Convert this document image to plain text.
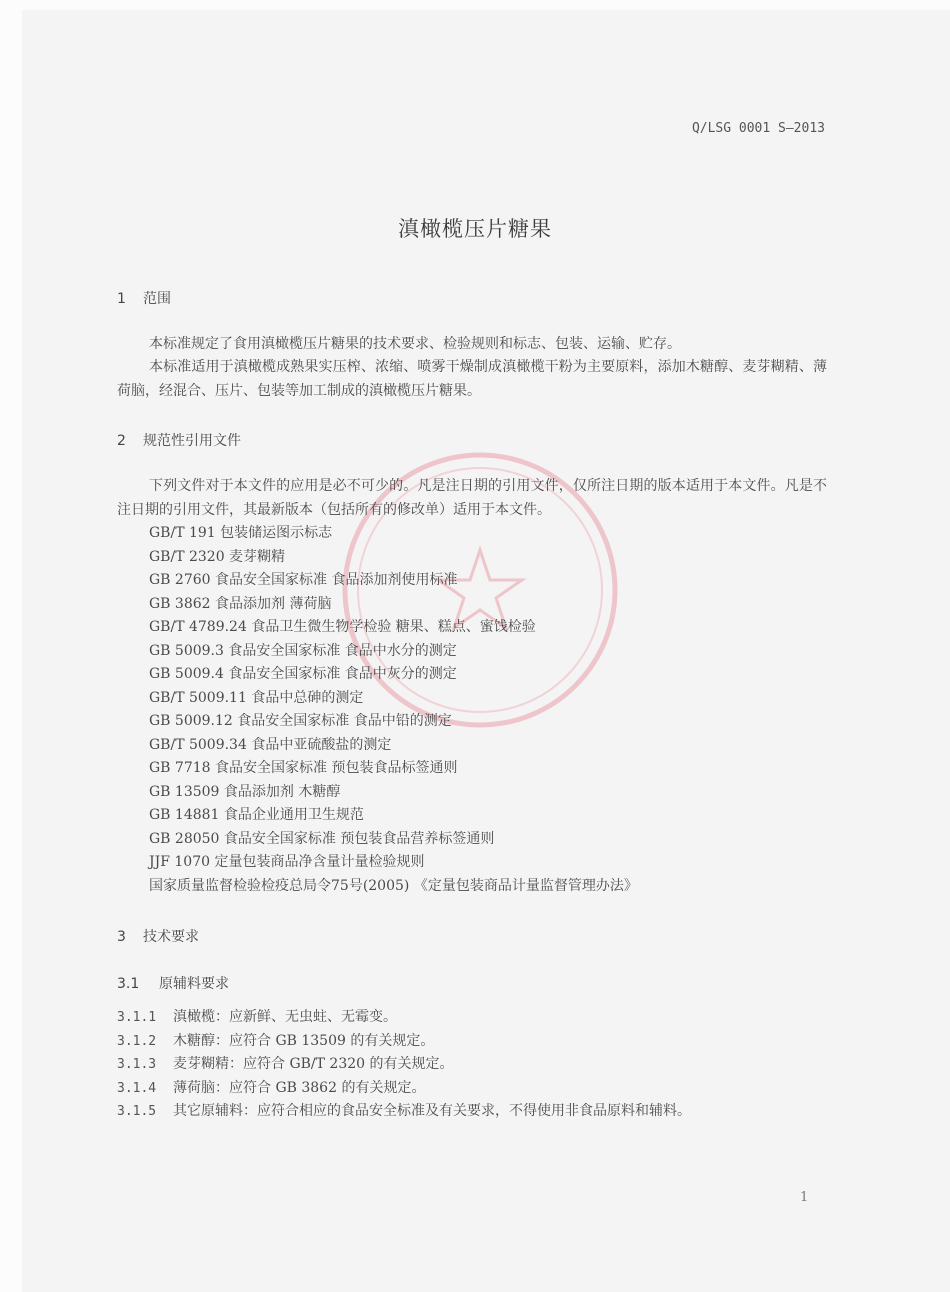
Q/LSG 0001 S—2013
滇橄榄压片糖果
1 范围
本标准规定了食用滇橄榄压片糖果的技术要求、检验规则和标志、包装、运输、贮存。
本标准适用于滇橄榄成熟果实压榨、浓缩、喷雾干燥制成滇橄榄干粉为主要原料，添加木糖醇、麦芽糊精、薄荷脑，经混合、压片、包装等加工制成的滇橄榄压片糖果。
2 规范性引用文件
下列文件对于本文件的应用是必不可少的。凡是注日期的引用文件，仅所注日期的版本适用于本文件。凡是不注日期的引用文件，其最新版本（包括所有的修改单）适用于本文件。
GB/T 191 包装储运图示标志
GB/T 2320 麦芽糊精
GB 2760 食品安全国家标准 食品添加剂使用标准
GB 3862 食品添加剂 薄荷脑
GB/T 4789.24 食品卫生微生物学检验 糖果、糕点、蜜饯检验
GB 5009.3 食品安全国家标准 食品中水分的测定
GB 5009.4 食品安全国家标准 食品中灰分的测定
GB/T 5009.11 食品中总砷的测定
GB 5009.12 食品安全国家标准 食品中铅的测定
GB/T 5009.34 食品中亚硫酸盐的测定
GB 7718 食品安全国家标准 预包装食品标签通则
GB 13509 食品添加剂 木糖醇
GB 14881 食品企业通用卫生规范
GB 28050 食品安全国家标准 预包装食品营养标签通则
JJF 1070 定量包装商品净含量计量检验规则
国家质量监督检验检疫总局令75号(2005) 《定量包装商品计量监督管理办法》
3 技术要求
3.1 原辅料要求
3.1.1 滇橄榄：应新鲜、无虫蛀、无霉变。
3.1.2 木糖醇：应符合 GB 13509 的有关规定。
3.1.3 麦芽糊精：应符合 GB/T 2320 的有关规定。
3.1.4 薄荷脑：应符合 GB 3862 的有关规定。
3.1.5 其它原辅料：应符合相应的食品安全标准及有关要求，不得使用非食品原料和辅料。
1
